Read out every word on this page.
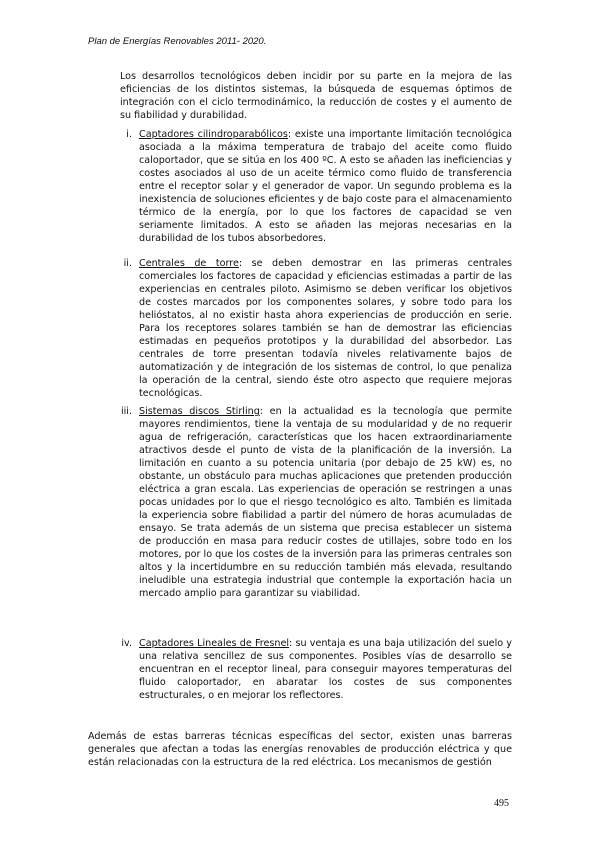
Plan de Energías Renovables 2011- 2020.

Los desarrollos tecnológicos deben incidir por su parte en la mejora de las eficiencias de los distintos sistemas, la búsqueda de esquemas óptimos de integración con el ciclo termodinámico, la reducción de costes y el aumento de su fiabilidad y durabilidad.

i. Captadores cilindroparabólicos: existe una importante limitación tecnológica asociada a la máxima temperatura de trabajo del aceite como fluido caloportador, que se sitúa en los 400 ºC. A esto se añaden las ineficiencias y costes asociados al uso de un aceite térmico como fluido de transferencia entre el receptor solar y el generador de vapor. Un segundo problema es la inexistencia de soluciones eficientes y de bajo coste para el almacenamiento térmico de la energía, por lo que los factores de capacidad se ven seriamente limitados. A esto se añaden las mejoras necesarias en la durabilidad de los tubos absorbedores.
ii. Centrales de torre: se deben demostrar en las primeras centrales comerciales los factores de capacidad y eficiencias estimadas a partir de las experiencias en centrales piloto. Asimismo se deben verificar los objetivos de costes marcados por los componentes solares, y sobre todo para los helióstatos, al no existir hasta ahora experiencias de producción en serie. Para los receptores solares también se han de demostrar las eficiencias estimadas en pequeños prototipos y la durabilidad del absorbedor. Las centrales de torre presentan todavía niveles relativamente bajos de automatización y de integración de los sistemas de control, lo que penaliza la operación de la central, siendo éste otro aspecto que requiere mejoras tecnológicas.
iii. Sistemas discos Stirling: en la actualidad es la tecnología que permite mayores rendimientos, tiene la ventaja de su modularidad y de no requerir agua de refrigeración, características que los hacen extraordinariamente atractivos desde el punto de vista de la planificación de la inversión. La limitación en cuanto a su potencia unitaria (por debajo de 25 kW) es, no obstante, un obstáculo para muchas aplicaciones que pretenden producción eléctrica a gran escala. Las experiencias de operación se restringen a unas pocas unidades por lo que el riesgo tecnológico es alto. También es limitada la experiencia sobre fiabilidad a partir del número de horas acumuladas de ensayo. Se trata además de un sistema que precisa establecer un sistema de producción en masa para reducir costes de utillajes, sobre todo en los motores, por lo que los costes de la inversión para las primeras centrales son altos y la incertidumbre en su reducción también más elevada, resultando ineludible una estrategia industrial que contemple la exportación hacia un mercado amplio para garantizar su viabilidad.
iv. Captadores Lineales de Fresnel: su ventaja es una baja utilización del suelo y una relativa sencillez de sus componentes. Posibles vías de desarrollo se encuentran en el receptor lineal, para conseguir mayores temperaturas del fluido caloportador, en abaratar los costes de sus componentes estructurales, o en mejorar los reflectores.

Además de estas barreras técnicas específicas del sector, existen unas barreras generales que afectan a todas las energías renovables de producción eléctrica y que están relacionadas con la estructura de la red eléctrica. Los mecanismos de gestión

495
